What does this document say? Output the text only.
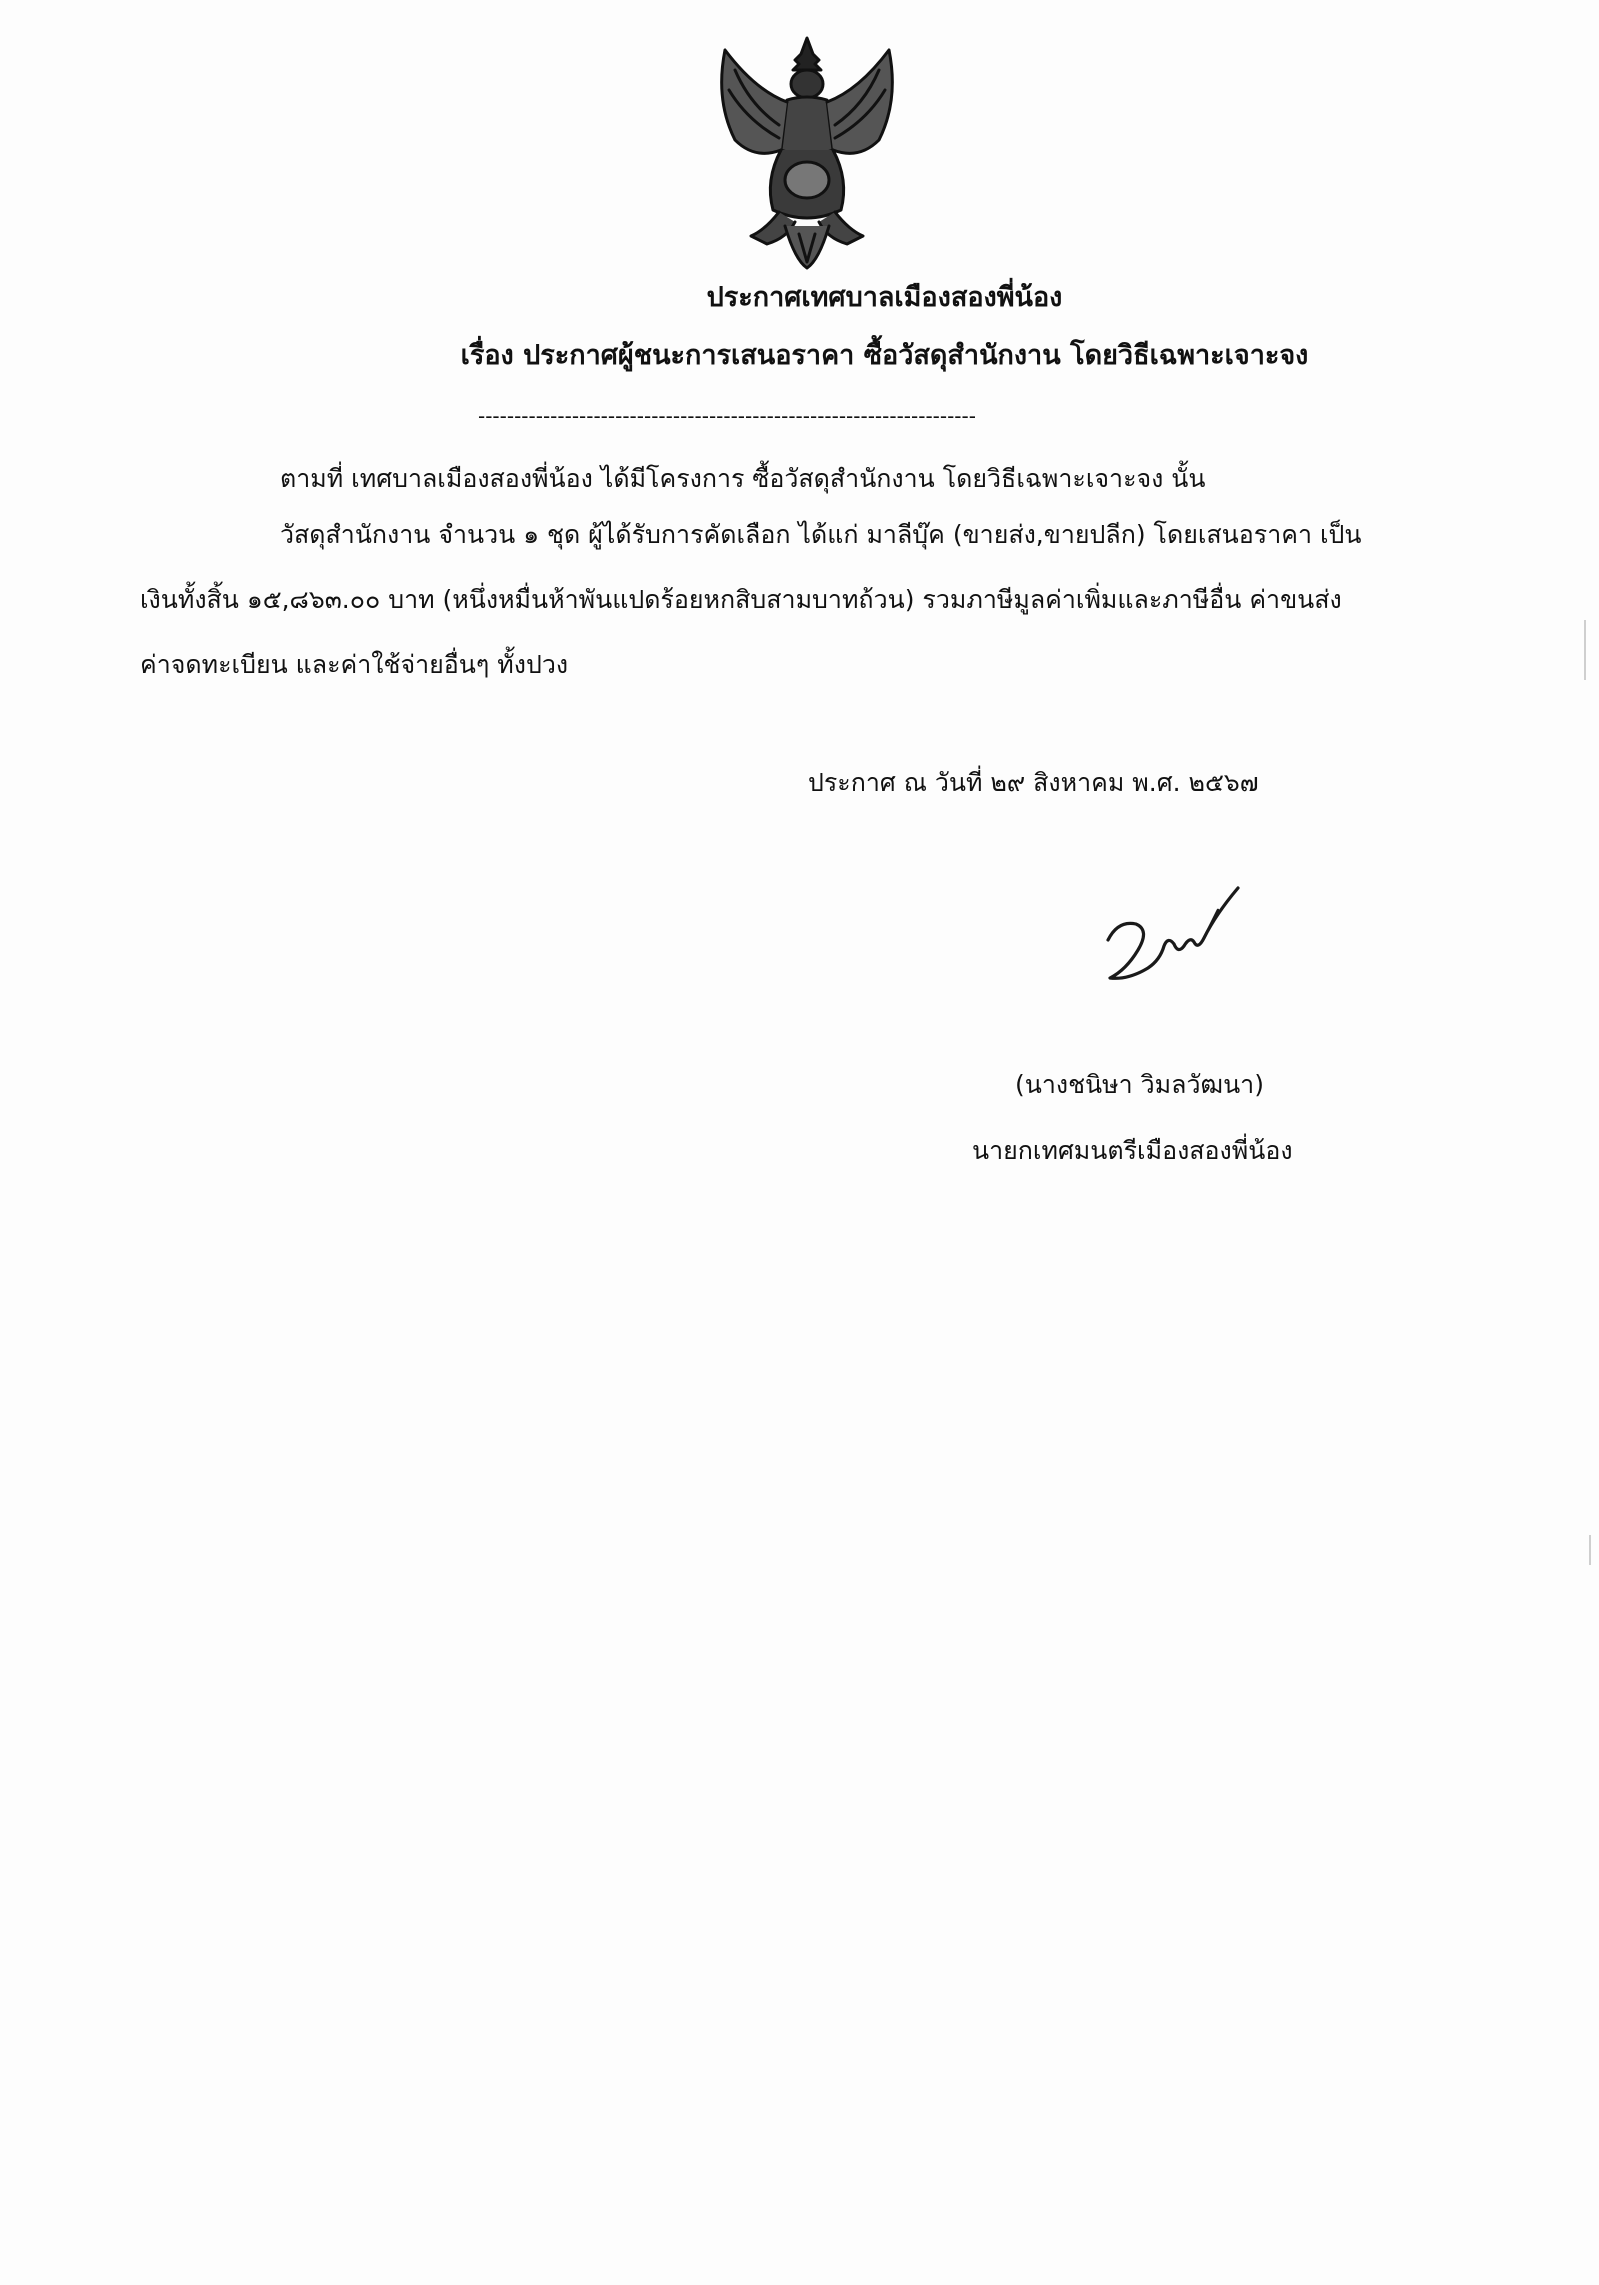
ประกาศเทศบาลเมืองสองพี่น้อง
เรื่อง ประกาศผู้ชนะการเสนอราคา ซื้อวัสดุสำนักงาน โดยวิธีเฉพาะเจาะจง
---------------------------------------------------------------------
ตามที่ เทศบาลเมืองสองพี่น้อง ได้มีโครงการ ซื้อวัสดุสำนักงาน โดยวิธีเฉพาะเจาะจง นั้น
วัสดุสำนักงาน จำนวน ๑ ชุด ผู้ได้รับการคัดเลือก ได้แก่ มาลีบุ๊ค (ขายส่ง,ขายปลีก) โดยเสนอราคา เป็น
เงินทั้งสิ้น ๑๕,๘๖๓.๐๐ บาท (หนึ่งหมื่นห้าพันแปดร้อยหกสิบสามบาทถ้วน) รวมภาษีมูลค่าเพิ่มและภาษีอื่น ค่าขนส่ง
ค่าจดทะเบียน และค่าใช้จ่ายอื่นๆ ทั้งปวง
ประกาศ ณ วันที่ ๒๙ สิงหาคม พ.ศ. ๒๕๖๗
(นางชนิษา วิมลวัฒนา)
นายกเทศมนตรีเมืองสองพี่น้อง
